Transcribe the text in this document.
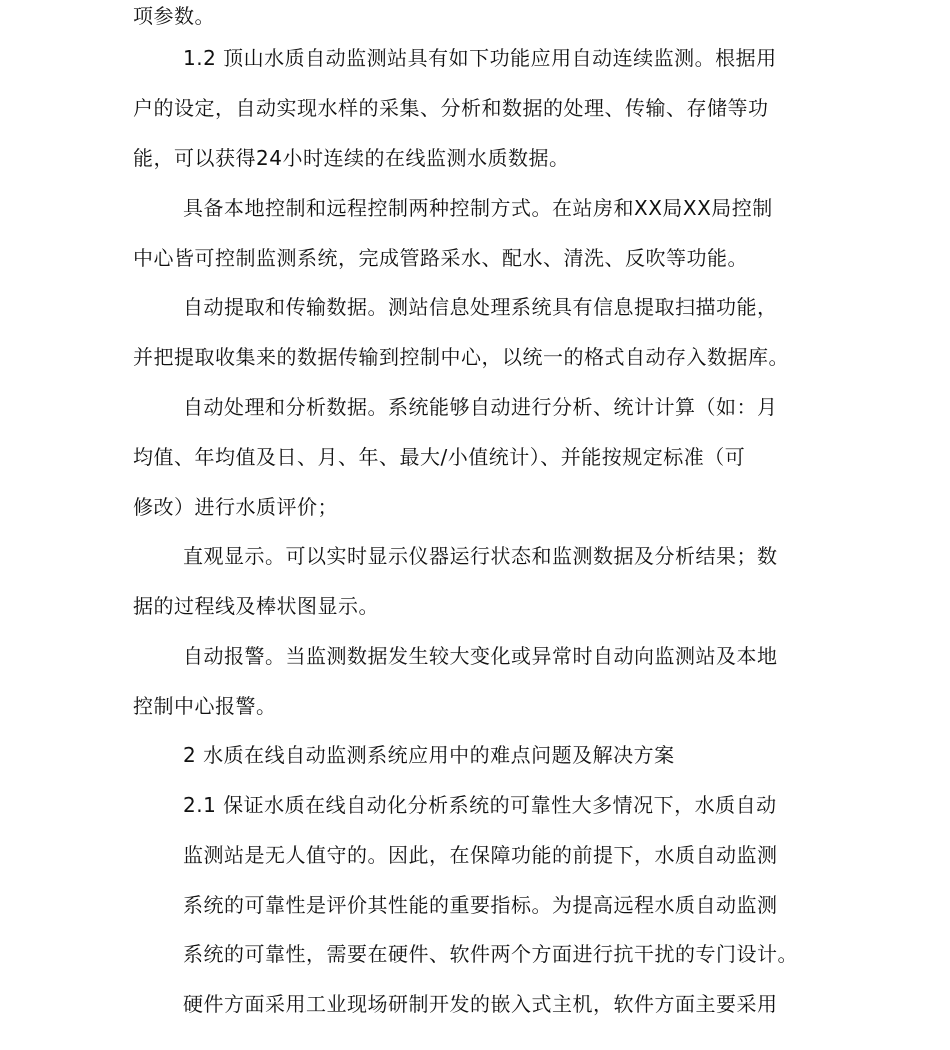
项参数。
1.2 顶山水质自动监测站具有如下功能应用自动连续监测。根据用
户的设定，自动实现水样的采集、分析和数据的处理、传输、存储等功
能，可以获得24小时连续的在线监测水质数据。
具备本地控制和远程控制两种控制方式。在站房和XX局XX局控制
中心皆可控制监测系统，完成管路采水、配水、清洗、反吹等功能。
自动提取和传输数据。测站信息处理系统具有信息提取扫描功能，
并把提取收集来的数据传输到控制中心，以统一的格式自动存入数据库。
自动处理和分析数据。系统能够自动进行分析、统计计算（如：月
均值、年均值及日、月、年、最大/小值统计）、并能按规定标准（可
修改）进行水质评价；
直观显示。可以实时显示仪器运行状态和监测数据及分析结果；数
据的过程线及棒状图显示。
自动报警。当监测数据发生较大变化或异常时自动向监测站及本地
控制中心报警。
2 水质在线自动监测系统应用中的难点问题及解决方案
2.1 保证水质在线自动化分析系统的可靠性大多情况下，水质自动
监测站是无人值守的。因此，在保障功能的前提下，水质自动监测
系统的可靠性是评价其性能的重要指标。为提高远程水质自动监测
系统的可靠性，需要在硬件、软件两个方面进行抗干扰的专门设计。
硬件方面采用工业现场研制开发的嵌入式主机，软件方面主要采用
